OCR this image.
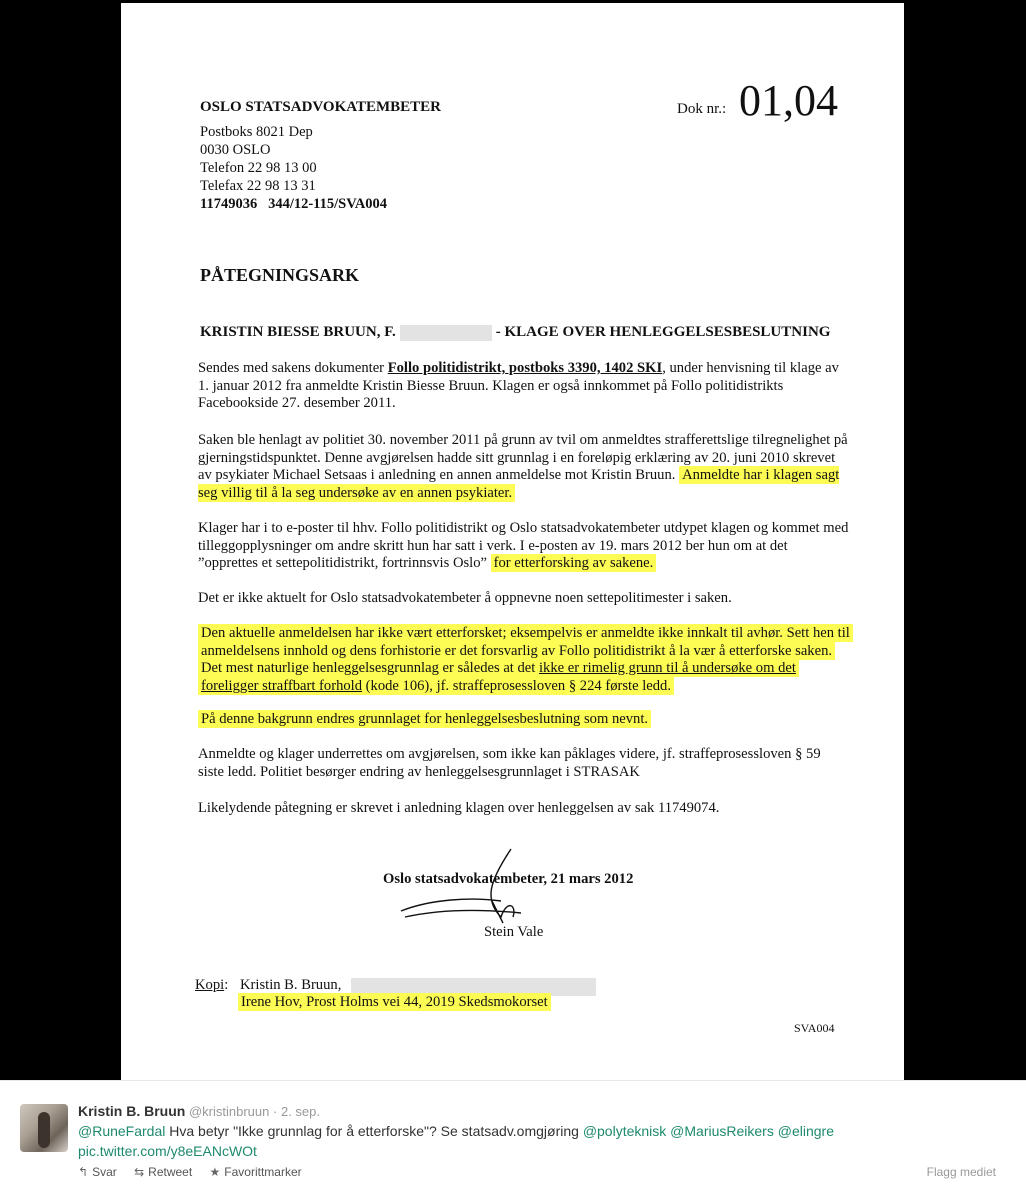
OSLO STATSADVOKATEMBETER
Postboks 8021 Dep
0030 OSLO
Telefon 22 98 13 00
Telefax 22 98 13 31
11749036   344/12-115/SVA004
Dok nr.: 01,04
PÅTEGNINGSARK
KRISTIN BIESSE BRUUN, F.	- KLAGE OVER HENLEGGELSESBESLUTNING
Sendes med sakens dokumenter Follo politidistrikt, postboks 3390, 1402 SKI, under henvisning til klage av 1. januar 2012 fra anmeldte Kristin Biesse Bruun. Klagen er også innkommet på Follo politidistrikts Facebookside 27. desember 2011.
Saken ble henlagt av politiet 30. november 2011 på grunn av tvil om anmeldtes strafferettslige tilregnelighet på gjerningstidspunktet. Denne avgjørelsen hadde sitt grunnlag i en foreløpig erklæring av 20. juni 2010 skrevet av psykiater Michael Setsaas i anledning en annen anmeldelse mot Kristin Bruun. Anmeldte har i klagen sagt seg villig til å la seg undersøke av en annen psykiater.
Klager har i to e-poster til hhv. Follo politidistrikt og Oslo statsadvokatembeter utdypet klagen og kommet med tilleggopplysninger om andre skritt hun har satt i verk. I e-posten av 19. mars 2012 ber hun om at det ”opprettes et settepolitidistrikt, fortrinnsvis Oslo” for etterforsking av sakene.
Det er ikke aktuelt for Oslo statsadvokatembeter å oppnevne noen settepolitimester i saken.
Den aktuelle anmeldelsen har ikke vært etterforsket; eksempelvis er anmeldte ikke innkalt til avhør. Sett hen til anmeldelsens innhold og dens forhistorie er det forsvarlig av Follo politidistrikt å la vær å etterforske saken. Det mest naturlige henleggelsesgrunnlag er således at det ikke er rimelig grunn til å undersøke om det foreligger straffbart forhold (kode 106), jf. straffeprosessloven § 224 første ledd.
På denne bakgrunn endres grunnlaget for henleggelsesbeslutning som nevnt.
Anmeldte og klager underrettes om avgjørelsen, som ikke kan påklages videre, jf. straffeprosessloven § 59 siste ledd. Politiet besørger endring av henleggelsesgrunnlaget i STRASAK
Likelydende påtegning er skrevet i anledning klagen over henleggelsen av sak 11749074.
Oslo statsadvokatembeter, 21 mars 2012
Stein Vale
Kopi: Kristin B. Bruun,
Irene Hov, Prost Holms vei 44, 2019 Skedsmokorset
SVA004
Kristin B. Bruun @kristinbruun · 2. sep.
@RuneFardal Hva betyr "Ikke grunnlag for å etterforske"? Se statsadv.omgjøring @polyteknisk @MariusReikers @elingre
pic.twitter.com/y8eEANcWOt
↰ Svar ⇆ Retweet ★ Favorittmarker	Flagg mediet
